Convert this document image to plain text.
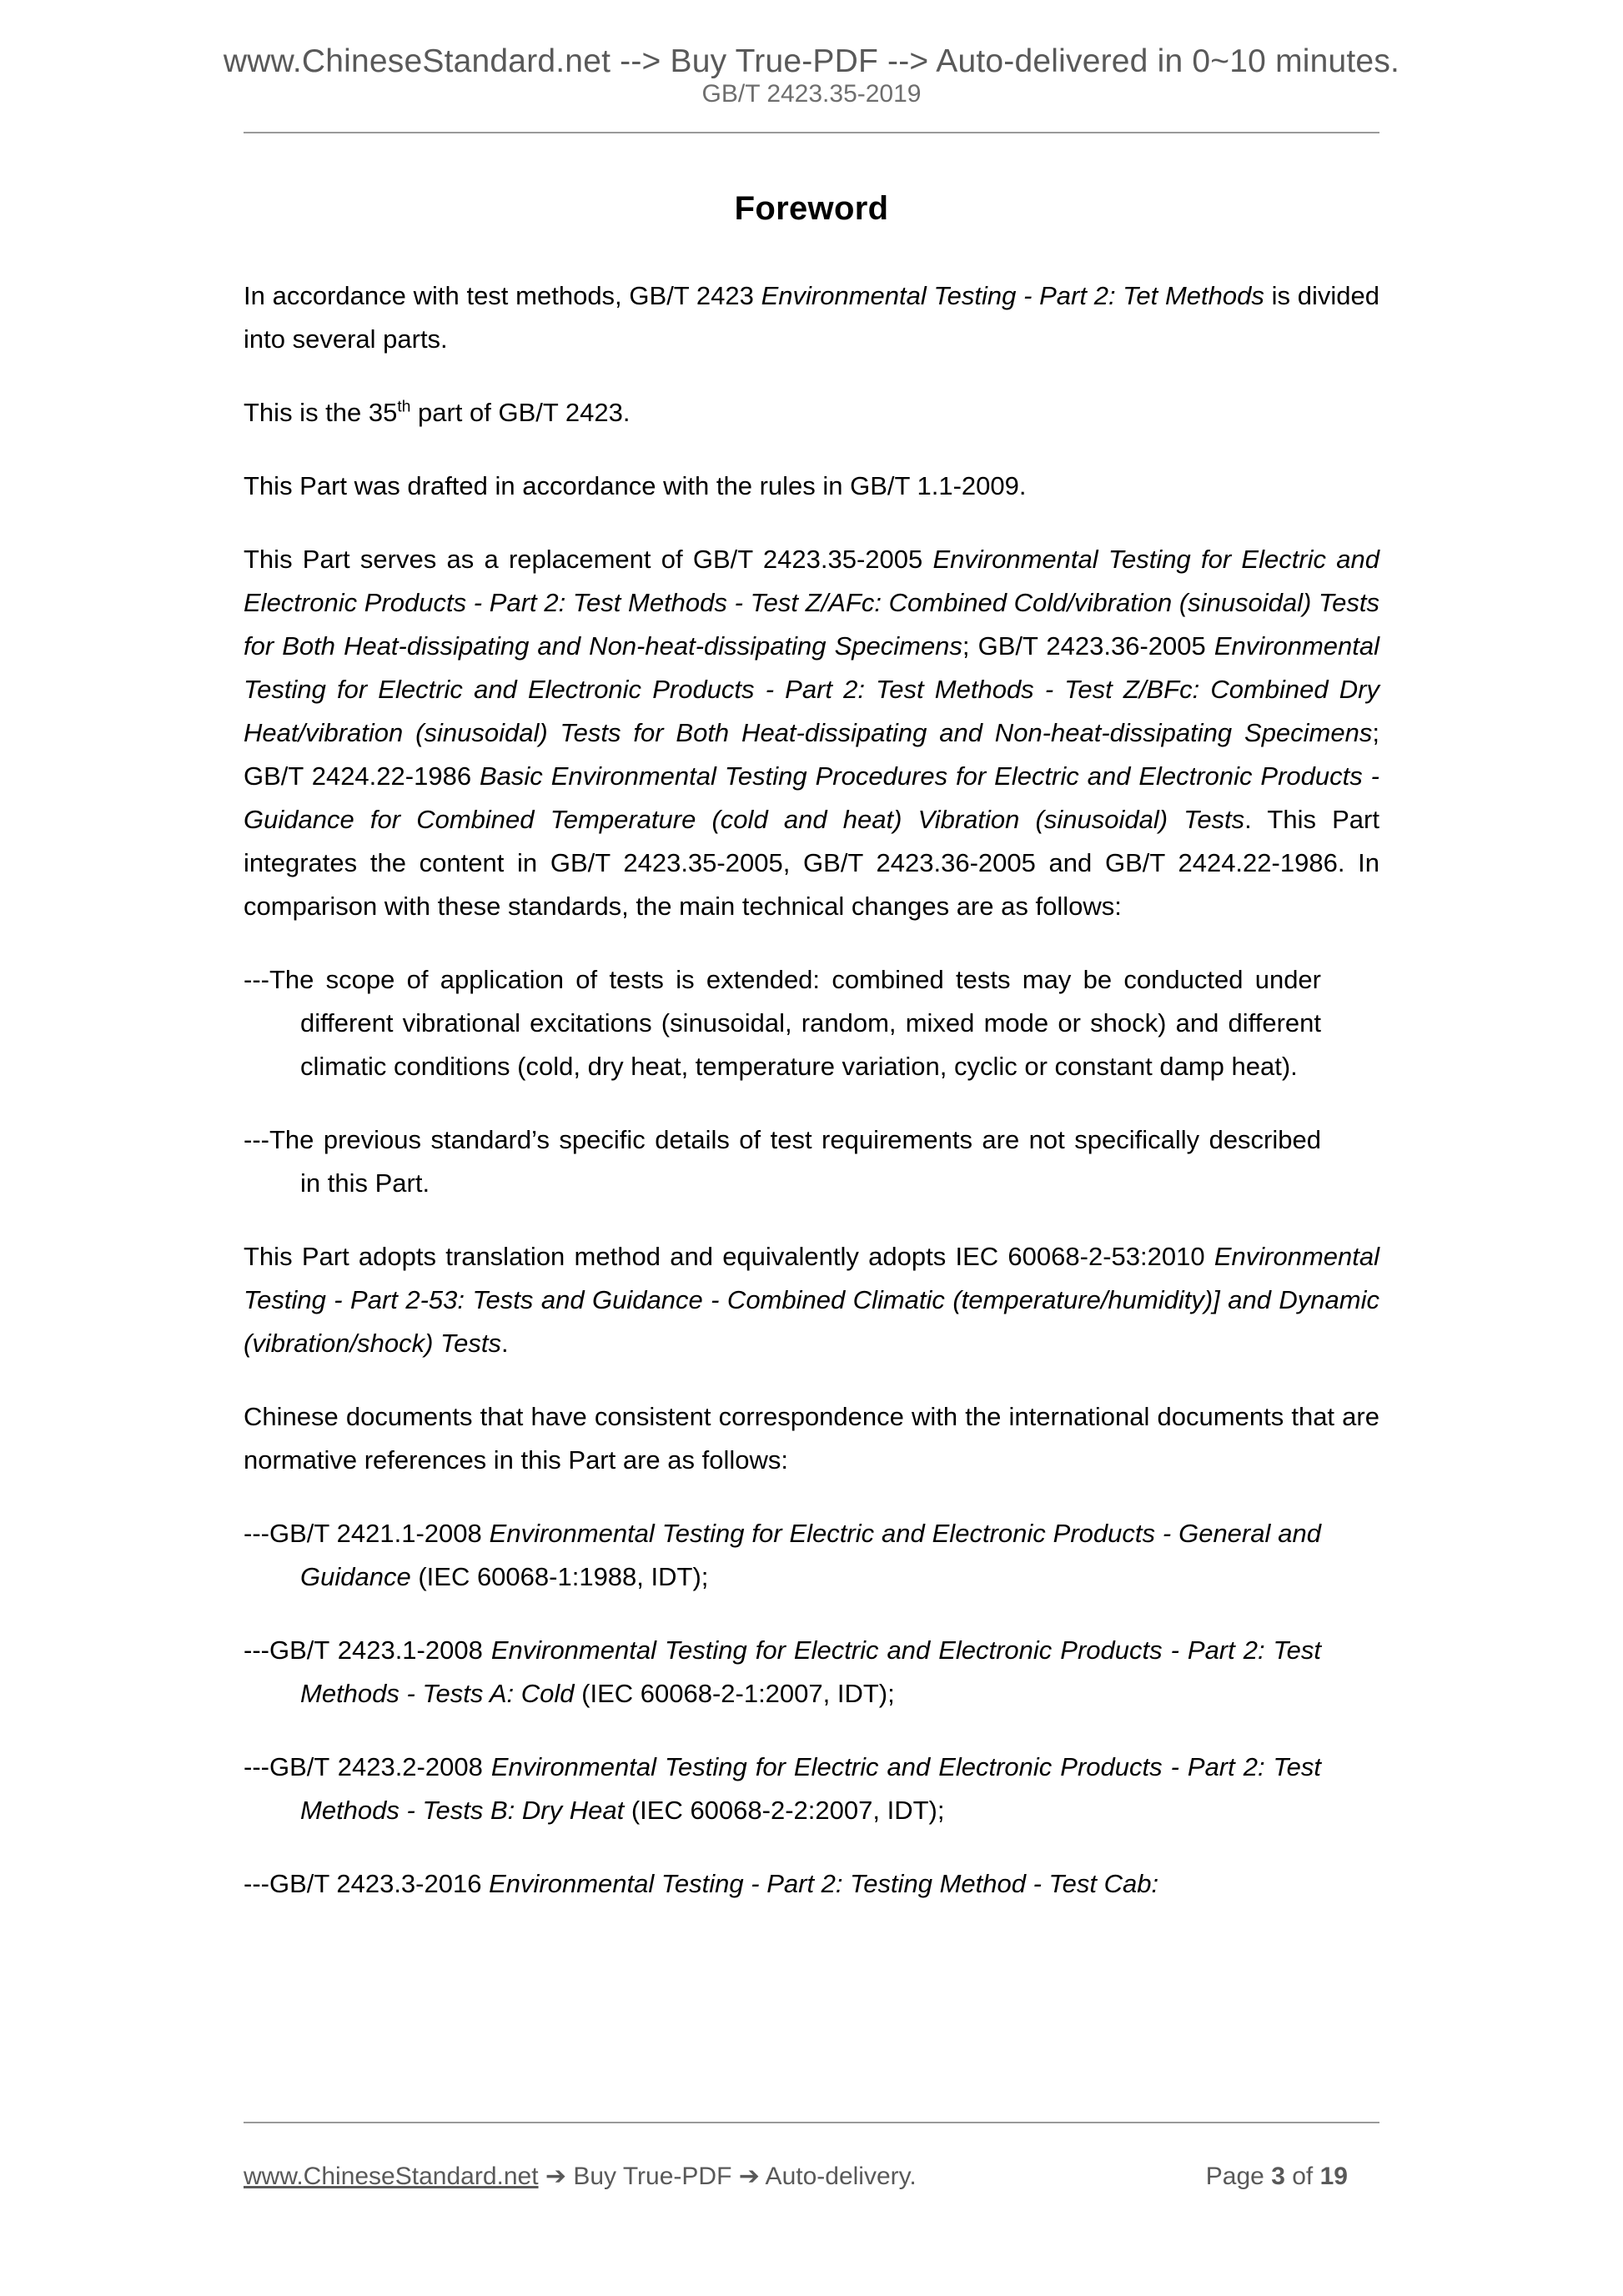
www.ChineseStandard.net --> Buy True-PDF --> Auto-delivered in 0~10 minutes.
GB/T 2423.35-2019
Foreword

In accordance with test methods, GB/T 2423 Environmental Testing - Part 2: Tet Methods is divided into several parts.

This is the 35th part of GB/T 2423.

This Part was drafted in accordance with the rules in GB/T 1.1-2009.

This Part serves as a replacement of GB/T 2423.35-2005 Environmental Testing for Electric and Electronic Products - Part 2: Test Methods - Test Z/AFc: Combined Cold/vibration (sinusoidal) Tests for Both Heat-dissipating and Non-heat-dissipating Specimens; GB/T 2423.36-2005 Environmental Testing for Electric and Electronic Products - Part 2: Test Methods - Test Z/BFc: Combined Dry Heat/vibration (sinusoidal) Tests for Both Heat-dissipating and Non-heat-dissipating Specimens; GB/T 2424.22-1986 Basic Environmental Testing Procedures for Electric and Electronic Products - Guidance for Combined Temperature (cold and heat) Vibration (sinusoidal) Tests. This Part integrates the content in GB/T 2423.35-2005, GB/T 2423.36-2005 and GB/T 2424.22-1986. In comparison with these standards, the main technical changes are as follows:

---The scope of application of tests is extended: combined tests may be conducted under different vibrational excitations (sinusoidal, random, mixed mode or shock) and different climatic conditions (cold, dry heat, temperature variation, cyclic or constant damp heat).

---The previous standard’s specific details of test requirements are not specifically described in this Part.

This Part adopts translation method and equivalently adopts IEC 60068-2-53:2010 Environmental Testing - Part 2-53: Tests and Guidance - Combined Climatic (temperature/humidity)] and Dynamic (vibration/shock) Tests.

Chinese documents that have consistent correspondence with the international documents that are normative references in this Part are as follows:

---GB/T 2421.1-2008 Environmental Testing for Electric and Electronic Products - General and Guidance (IEC 60068-1:1988, IDT);

---GB/T 2423.1-2008 Environmental Testing for Electric and Electronic Products - Part 2: Test Methods - Tests A: Cold (IEC 60068-2-1:2007, IDT);

---GB/T 2423.2-2008 Environmental Testing for Electric and Electronic Products - Part 2: Test Methods - Tests B: Dry Heat (IEC 60068-2-2:2007, IDT);

---GB/T 2423.3-2016 Environmental Testing - Part 2: Testing Method - Test Cab:

www.ChineseStandard.net ➔ Buy True-PDF ➔ Auto-delivery.	Page 3 of 19
